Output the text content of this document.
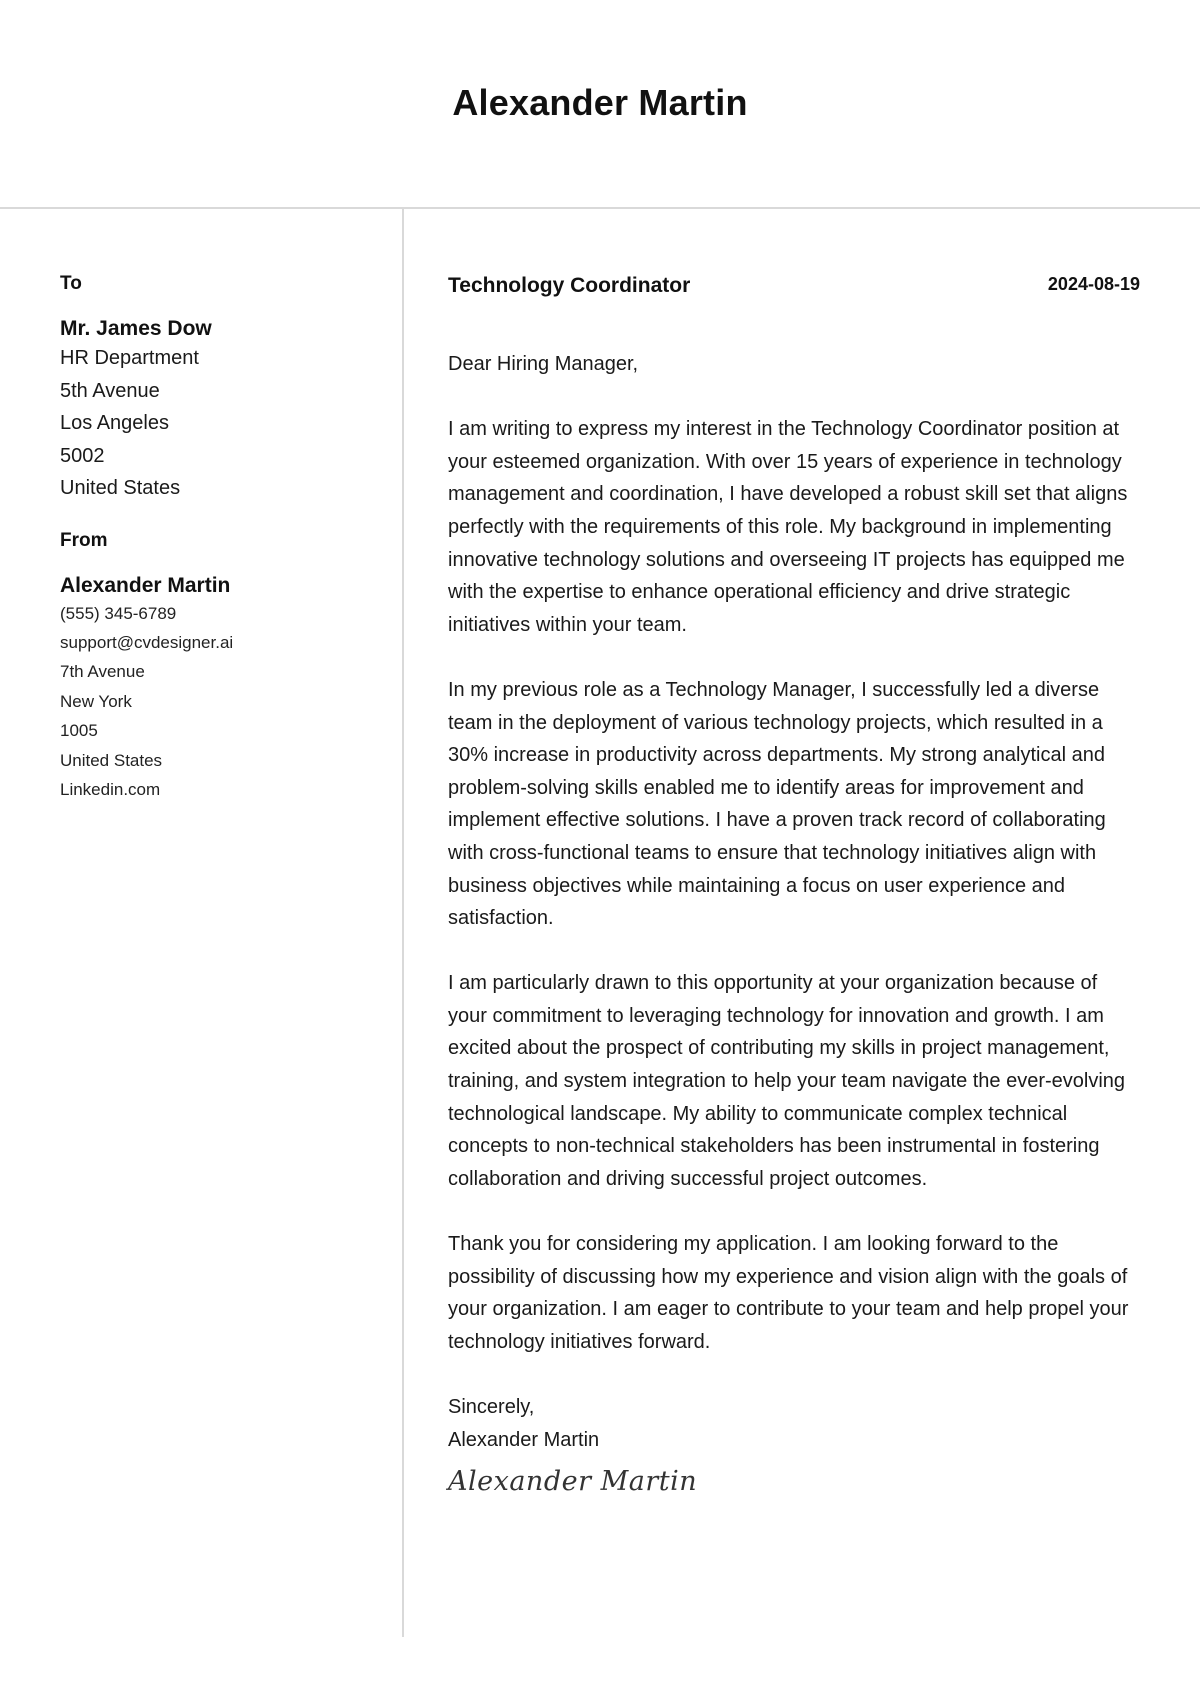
Alexander Martin
To
Mr. James Dow
HR Department
5th Avenue
Los Angeles
5002
United States
From
Alexander Martin
(555) 345-6789
support@cvdesigner.ai
7th Avenue
New York
1005
United States
Linkedin.com
Technology Coordinator	2024-08-19

Dear Hiring Manager,

I am writing to express my interest in the Technology Coordinator position at your esteemed organization. With over 15 years of experience in technology management and coordination, I have developed a robust skill set that aligns perfectly with the requirements of this role. My background in implementing innovative technology solutions and overseeing IT projects has equipped me with the expertise to enhance operational efficiency and drive strategic initiatives within your team.

In my previous role as a Technology Manager, I successfully led a diverse team in the deployment of various technology projects, which resulted in a 30% increase in productivity across departments. My strong analytical and problem-solving skills enabled me to identify areas for improvement and implement effective solutions. I have a proven track record of collaborating with cross-functional teams to ensure that technology initiatives align with business objectives while maintaining a focus on user experience and satisfaction.

I am particularly drawn to this opportunity at your organization because of your commitment to leveraging technology for innovation and growth. I am excited about the prospect of contributing my skills in project management, training, and system integration to help your team navigate the ever-evolving technological landscape. My ability to communicate complex technical concepts to non-technical stakeholders has been instrumental in fostering collaboration and driving successful project outcomes.

Thank you for considering my application. I am looking forward to the possibility of discussing how my experience and vision align with the goals of your organization. I am eager to contribute to your team and help propel your technology initiatives forward.

Sincerely,
Alexander Martin
Alexander Martin
